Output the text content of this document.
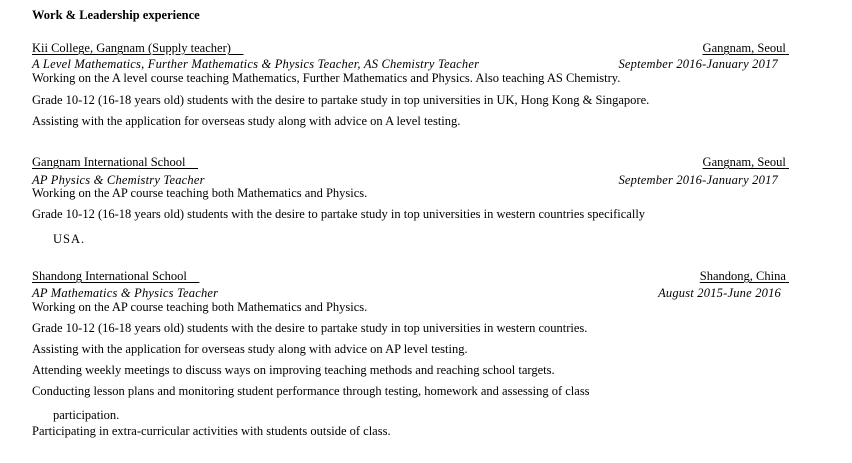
Work & Leadership experience
Kii College, Gangnam (Supply teacher)	Gangnam, Seoul
A Level Mathematics, Further Mathematics & Physics Teacher, AS Chemistry Teacher	September 2016-January 2017
Working on the A level course teaching Mathematics, Further Mathematics and Physics. Also teaching AS Chemistry.
Grade 10-12 (16-18 years old) students with the desire to partake study in top universities in UK, Hong Kong & Singapore.
Assisting with the application for overseas study along with advice on A level testing.
Gangnam International School	Gangnam, Seoul
AP Physics & Chemistry Teacher	September 2016-January 2017
Working on the AP course teaching both Mathematics and Physics.
Grade 10-12 (16-18 years old) students with the desire to partake study in top universities in western countries specifically
USA.
Shandong International School	Shandong, China
AP Mathematics & Physics Teacher	August 2015-June 2016
Working on the AP course teaching both Mathematics and Physics.
Grade 10-12 (16-18 years old) students with the desire to partake study in top universities in western countries.
Assisting with the application for overseas study along with advice on AP level testing.
Attending weekly meetings to discuss ways on improving teaching methods and reaching school targets.
Conducting lesson plans and monitoring student performance through testing, homework and assessing of class
participation.
Participating in extra-curricular activities with students outside of class.
